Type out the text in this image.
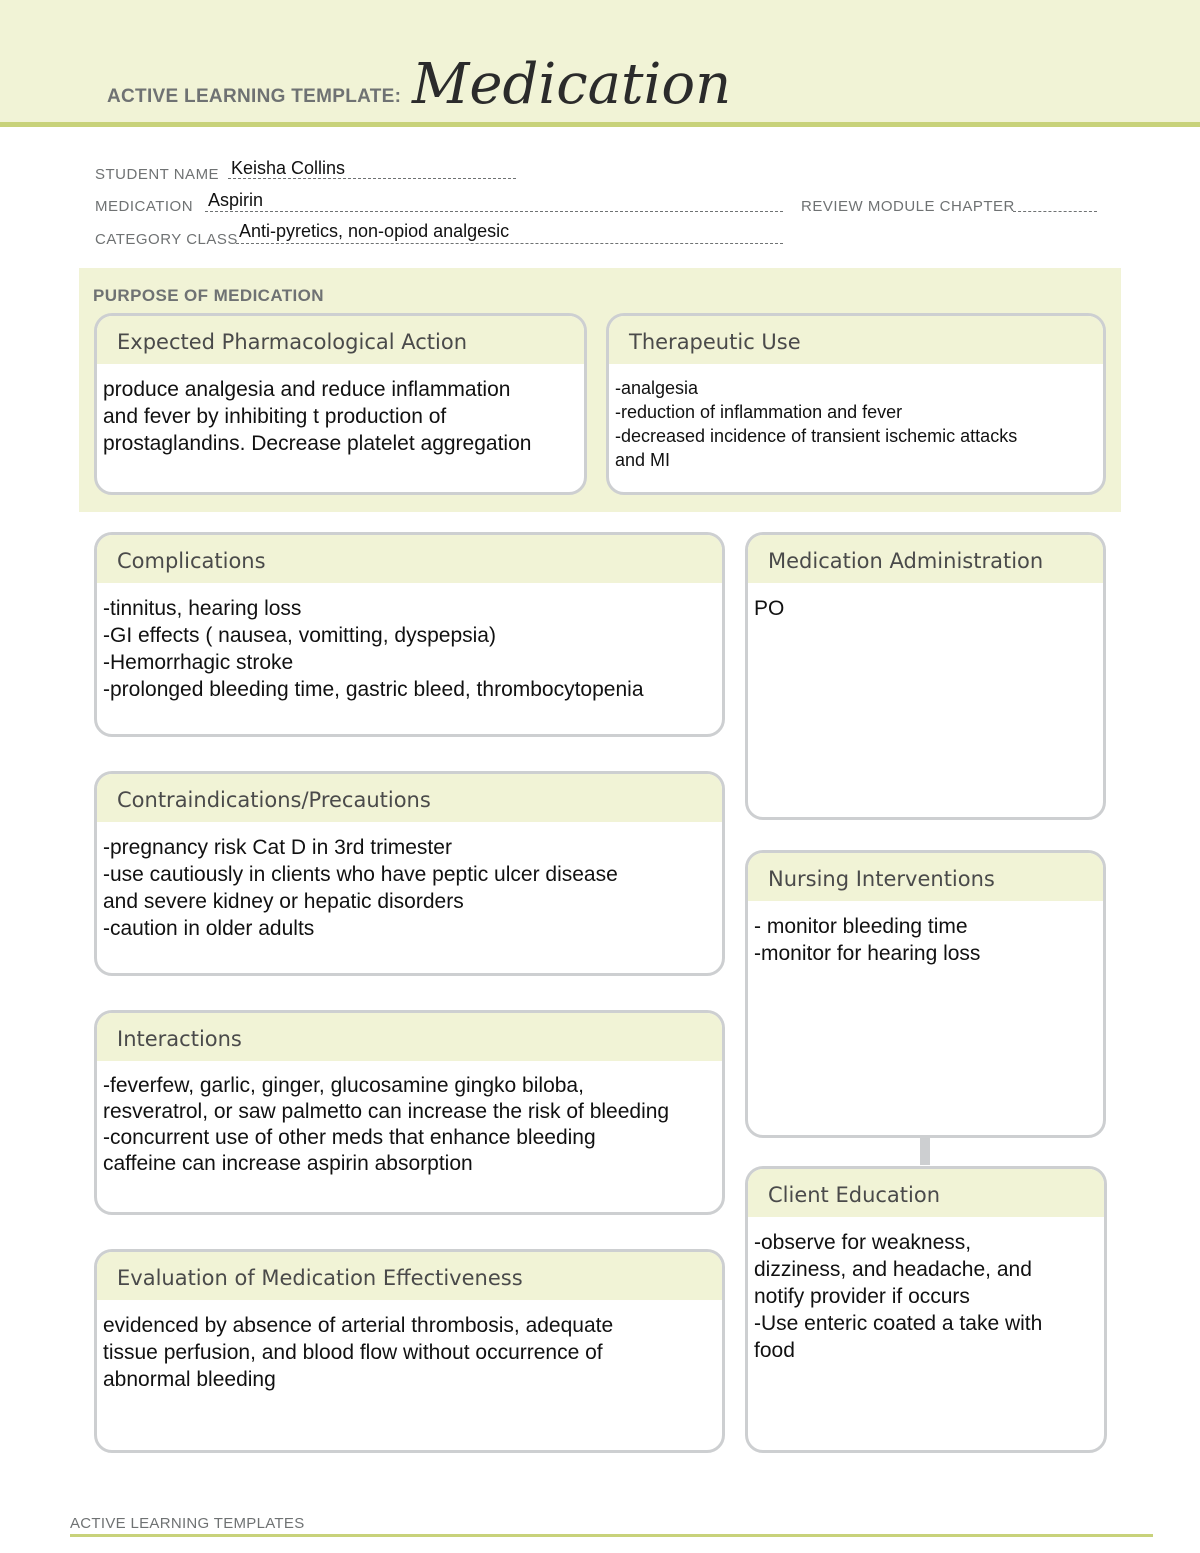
ACTIVE LEARNING TEMPLATE: Medication
STUDENT NAME Keisha Collins
MEDICATION Aspirin	REVIEW MODULE CHAPTER
CATEGORY CLASS Anti-pyretics, non-opiod analgesic
PURPOSE OF MEDICATION
Expected Pharmacological Action
produce analgesia and reduce inflammation
and fever by inhibiting t production of
prostaglandins. Decrease platelet aggregation
Therapeutic Use
-analgesia
-reduction of inflammation and fever
-decreased incidence of transient ischemic attacks
and MI
Complications
-tinnitus, hearing loss
-GI effects ( nausea, vomitting, dyspepsia)
-Hemorrhagic stroke
-prolonged bleeding time, gastric bleed, thrombocytopenia
Contraindications/Precautions
-pregnancy risk Cat D in 3rd trimester
-use cautiously in clients who have peptic ulcer disease
and severe kidney or hepatic disorders
-caution in older adults
Interactions
-feverfew, garlic, ginger, glucosamine gingko biloba,
resveratrol, or saw palmetto can increase the risk of bleeding
-concurrent use of other meds that enhance bleeding
caffeine can increase aspirin absorption
Evaluation of Medication Effectiveness
evidenced by absence of arterial thrombosis, adequate
tissue perfusion, and blood flow without occurrence of
abnormal bleeding
Medication Administration
PO
Nursing Interventions
- monitor bleeding time
-monitor for hearing loss
Client Education
-observe for weakness,
dizziness, and headache, and
notify provider if occurs
-Use enteric coated a take with
food
ACTIVE LEARNING TEMPLATES
